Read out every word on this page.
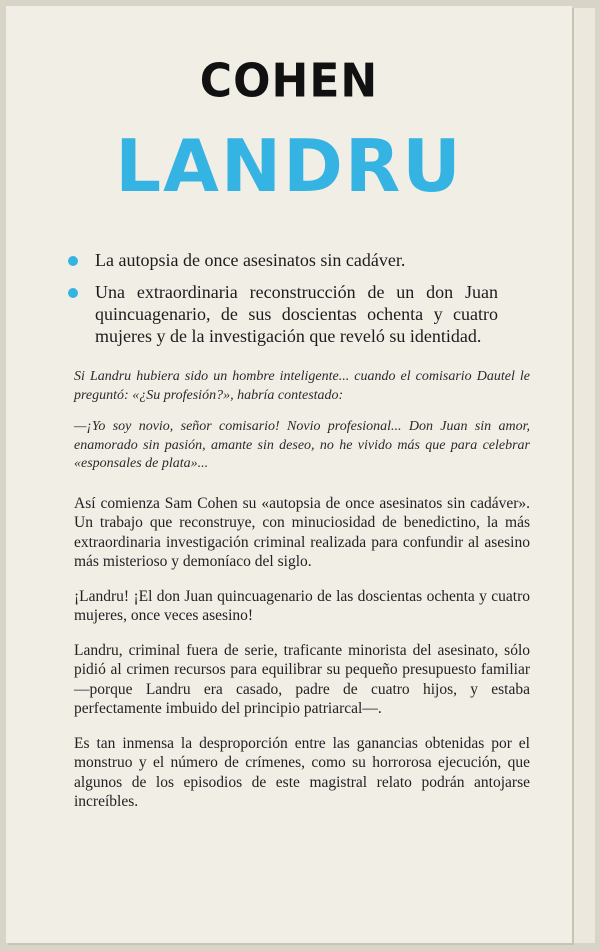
COHEN
LANDRU
La autopsia de once asesinatos sin cadáver.
Una extraordinaria reconstrucción de un don Juan quincuagenario, de sus doscientas ochenta y cuatro mujeres y de la investigación que reveló su identidad.

Si Landru hubiera sido un hombre inteligente... cuando el comisario Dautel le preguntó: «¿Su profesión?», habría contestado:

—¡Yo soy novio, señor comisario! Novio profesional... Don Juan sin amor, enamorado sin pasión, amante sin deseo, no he vivido más que para celebrar «esponsales de plata»...

Así comienza Sam Cohen su «autopsia de once asesinatos sin cadáver». Un trabajo que reconstruye, con minuciosidad de benedictino, la más extraordinaria investigación criminal realizada para confundir al asesino más misterioso y demoníaco del siglo.

¡Landru! ¡El don Juan quincuagenario de las doscientas ochenta y cuatro mujeres, once veces asesino!

Landru, criminal fuera de serie, traficante minorista del asesinato, sólo pidió al crimen recursos para equilibrar su pequeño presupuesto familiar —porque Landru era casado, padre de cuatro hijos, y estaba perfectamente imbuido del principio patriarcal—.

Es tan inmensa la desproporción entre las ganancias obtenidas por el monstruo y el número de crímenes, como su horrorosa ejecución, que algunos de los episodios de este magistral relato podrán antojarse increíbles.
